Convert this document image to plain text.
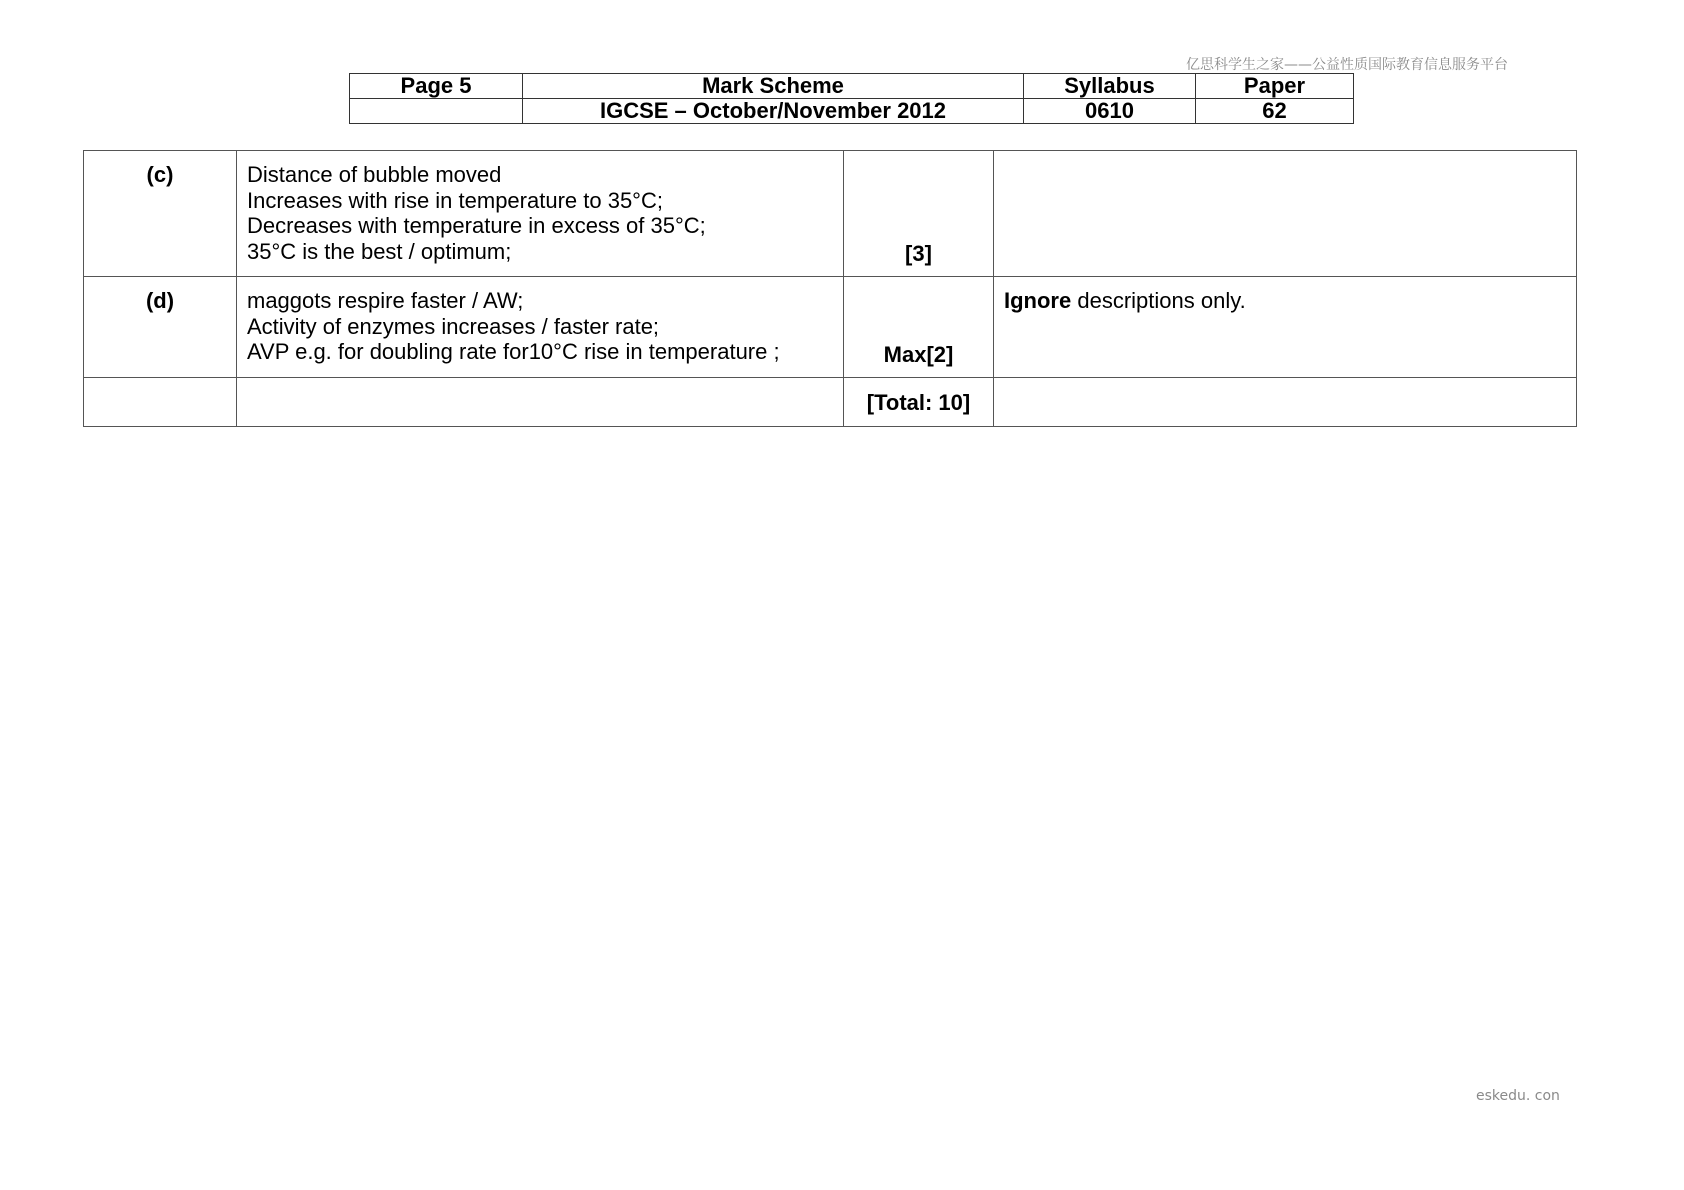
亿思科学生之家——公益性质国际教育信息服务平台
Page 5	Mark Scheme	Syllabus	Paper
	IGCSE – October/November 2012	0610	62
(c)	Distance of bubble moved
Increases with rise in temperature to 35°C;
Decreases with temperature in excess of 35°C;
35°C is the best / optimum;	[3]	
(d)	maggots respire faster / AW;
Activity of enzymes increases / faster rate;
AVP e.g. for doubling rate for10°C rise in temperature ;	Max[2]	Ignore descriptions only.
		[Total: 10]	
eskedu. con
